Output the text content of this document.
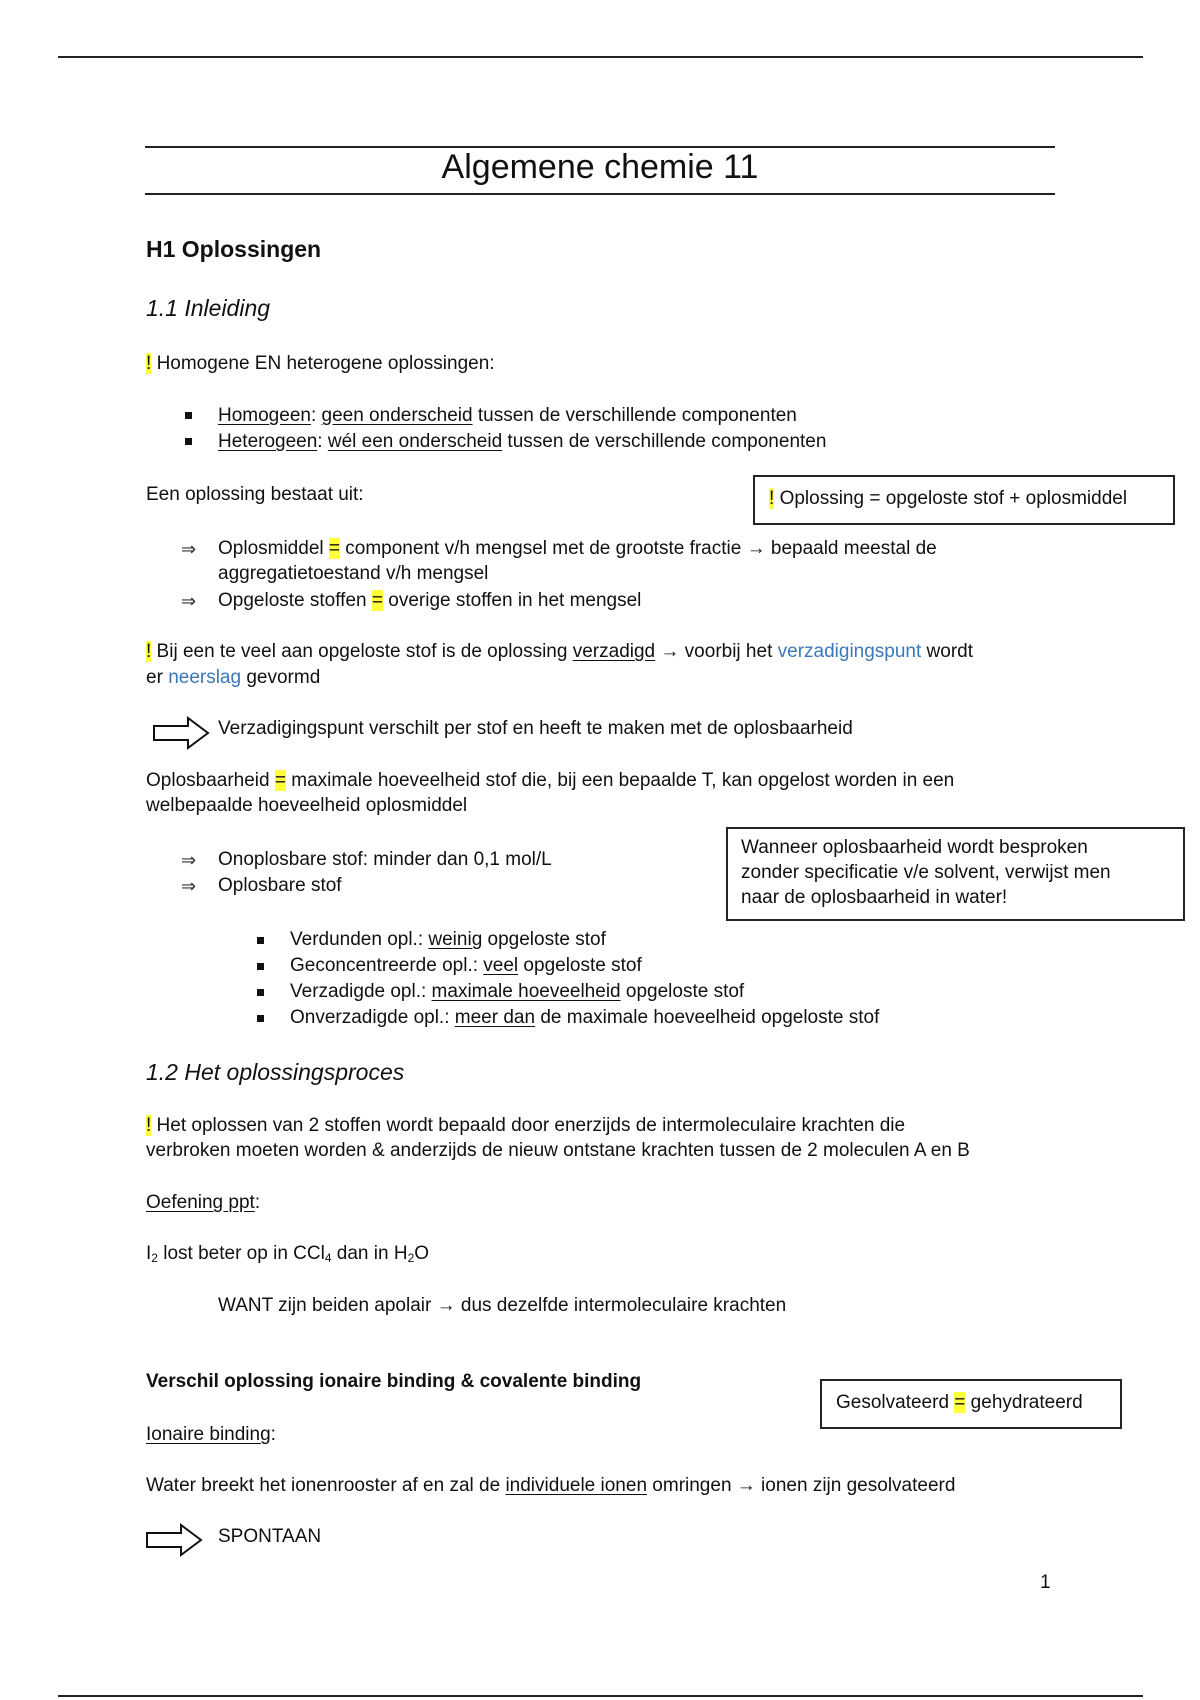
Algemene chemie 11
H1 Oplossingen
1.1 Inleiding
! Homogene EN heterogene oplossingen:
Homogeen: geen onderscheid tussen de verschillende componenten
Heterogeen: wél een onderscheid tussen de verschillende componenten
Een oplossing bestaat uit:	! Oplossing = opgeloste stof + oplosmiddel
⇒ Oplosmiddel = component v/h mengsel met de grootste fractie → bepaald meestal de
aggregatietoestand v/h mengsel
⇒ Opgeloste stoffen = overige stoffen in het mengsel
! Bij een te veel aan opgeloste stof is de oplossing verzadigd → voorbij het verzadigingspunt wordt
er neerslag gevormd
Verzadigingspunt verschilt per stof en heeft te maken met de oplosbaarheid
Oplosbaarheid = maximale hoeveelheid stof die, bij een bepaalde T, kan opgelost worden in een
welbepaalde hoeveelheid oplosmiddel
⇒ Onoplosbare stof: minder dan 0,1 mol/L
⇒ Oplosbare stof
Wanneer oplosbaarheid wordt besproken
zonder specificatie v/e solvent, verwijst men
naar de oplosbaarheid in water!
Verdunden opl.: weinig opgeloste stof
Geconcentreerde opl.: veel opgeloste stof
Verzadigde opl.: maximale hoeveelheid opgeloste stof
Onverzadigde opl.: meer dan de maximale hoeveelheid opgeloste stof
1.2 Het oplossingsproces
! Het oplossen van 2 stoffen wordt bepaald door enerzijds de intermoleculaire krachten die
verbroken moeten worden & anderzijds de nieuw ontstane krachten tussen de 2 moleculen A en B
Oefening ppt:
$I_2$ lost beter op in CCl$_4$ dan in $H_2O$
WANT zijn beiden apolair → dus dezelfde intermoleculaire krachten
Verschil oplossing ionaire binding & covalente binding
Gesolvateerd = gehydrateerd
Ionaire binding:
Water breekt het ionenrooster af en zal de individuele ionen omringen → ionen zijn gesolvateerd
SPONTAAN
1
